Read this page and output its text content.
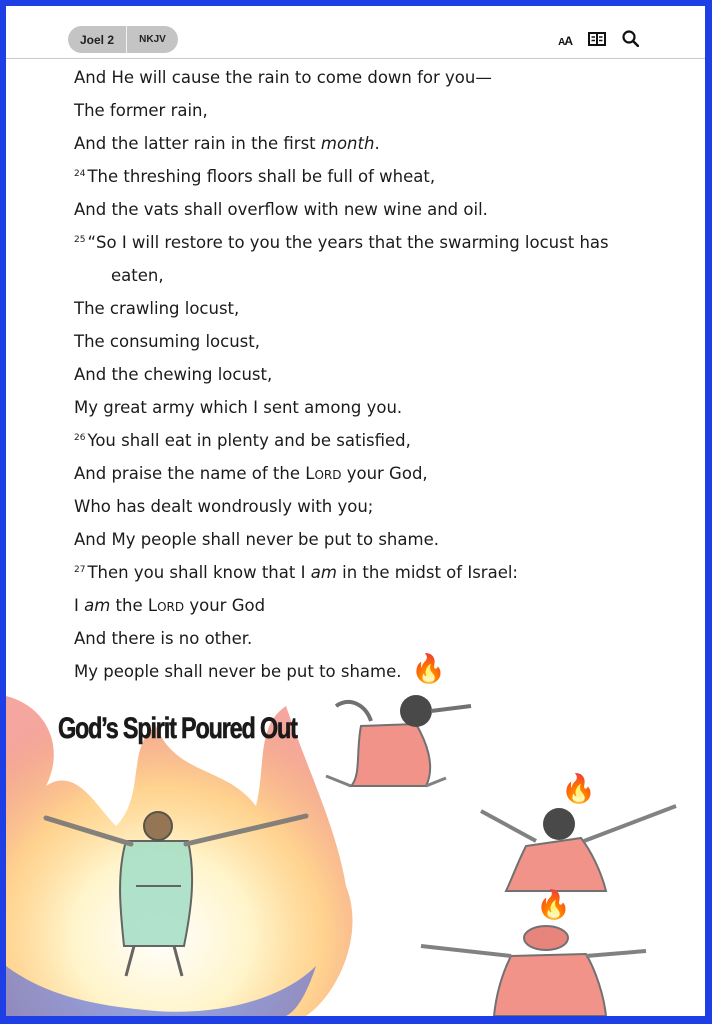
Joel 2	NKJV	AA
And He will cause the rain to come down for you—
The former rain,
And the latter rain in the first month.
$^{24}$ The threshing floors shall be full of wheat,
And the vats shall overflow with new wine and oil.
$^{25}$ “So I will restore to you the years that the swarming locust has
eaten,
The crawling locust,
The consuming locust,
And the chewing locust,
My great army which I sent among you.
$^{26}$ You shall eat in plenty and be satisfied,
And praise the name of the Lord your God,
Who has dealt wondrously with you;
And My people shall never be put to shame.
$^{27}$ Then you shall know that I am in the midst of Israel:
I am the Lord your God
And there is no other.
My people shall never be put to shame.
God’s Spirit Poured Out
🔥
🔥
🔥
